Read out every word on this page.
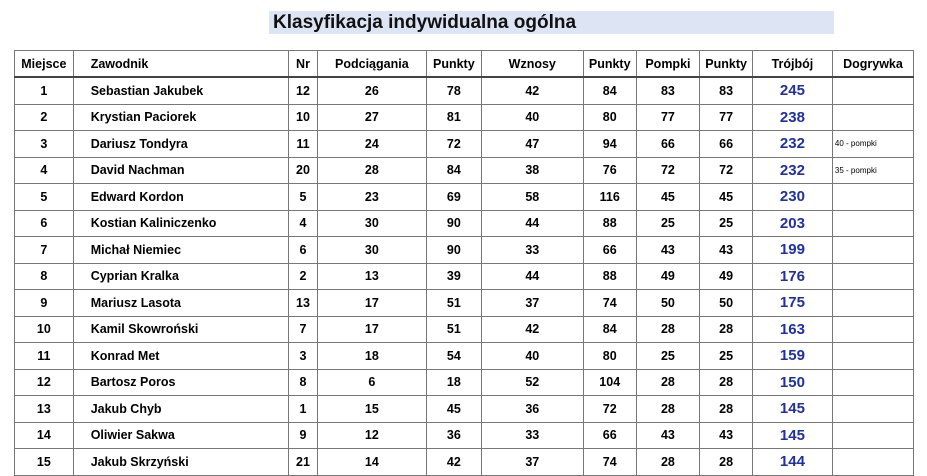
Klasyfikacja indywidualna ogólna
Miejsce	Zawodnik	Nr	Podciągania	Punkty	Wznosy	Punkty	Pompki	Punkty	Trójbój	Dogrywka
1	Sebastian Jakubek	12	26	78	42	84	83	83	245	
2	Krystian Paciorek	10	27	81	40	80	77	77	238	
3	Dariusz Tondyra	11	24	72	47	94	66	66	232	40 - pompki
4	David Nachman	20	28	84	38	76	72	72	232	35 - pompki
5	Edward Kordon	5	23	69	58	116	45	45	230	
6	Kostian Kaliniczenko	4	30	90	44	88	25	25	203	
7	Michał Niemiec	6	30	90	33	66	43	43	199	
8	Cyprian Kralka	2	13	39	44	88	49	49	176	
9	Mariusz Lasota	13	17	51	37	74	50	50	175	
10	Kamil Skowroński	7	17	51	42	84	28	28	163	
11	Konrad Met	3	18	54	40	80	25	25	159	
12	Bartosz Poros	8	6	18	52	104	28	28	150	
13	Jakub Chyb	1	15	45	36	72	28	28	145	
14	Oliwier Sakwa	9	12	36	33	66	43	43	145	
15	Jakub Skrzyński	21	14	42	37	74	28	28	144	
